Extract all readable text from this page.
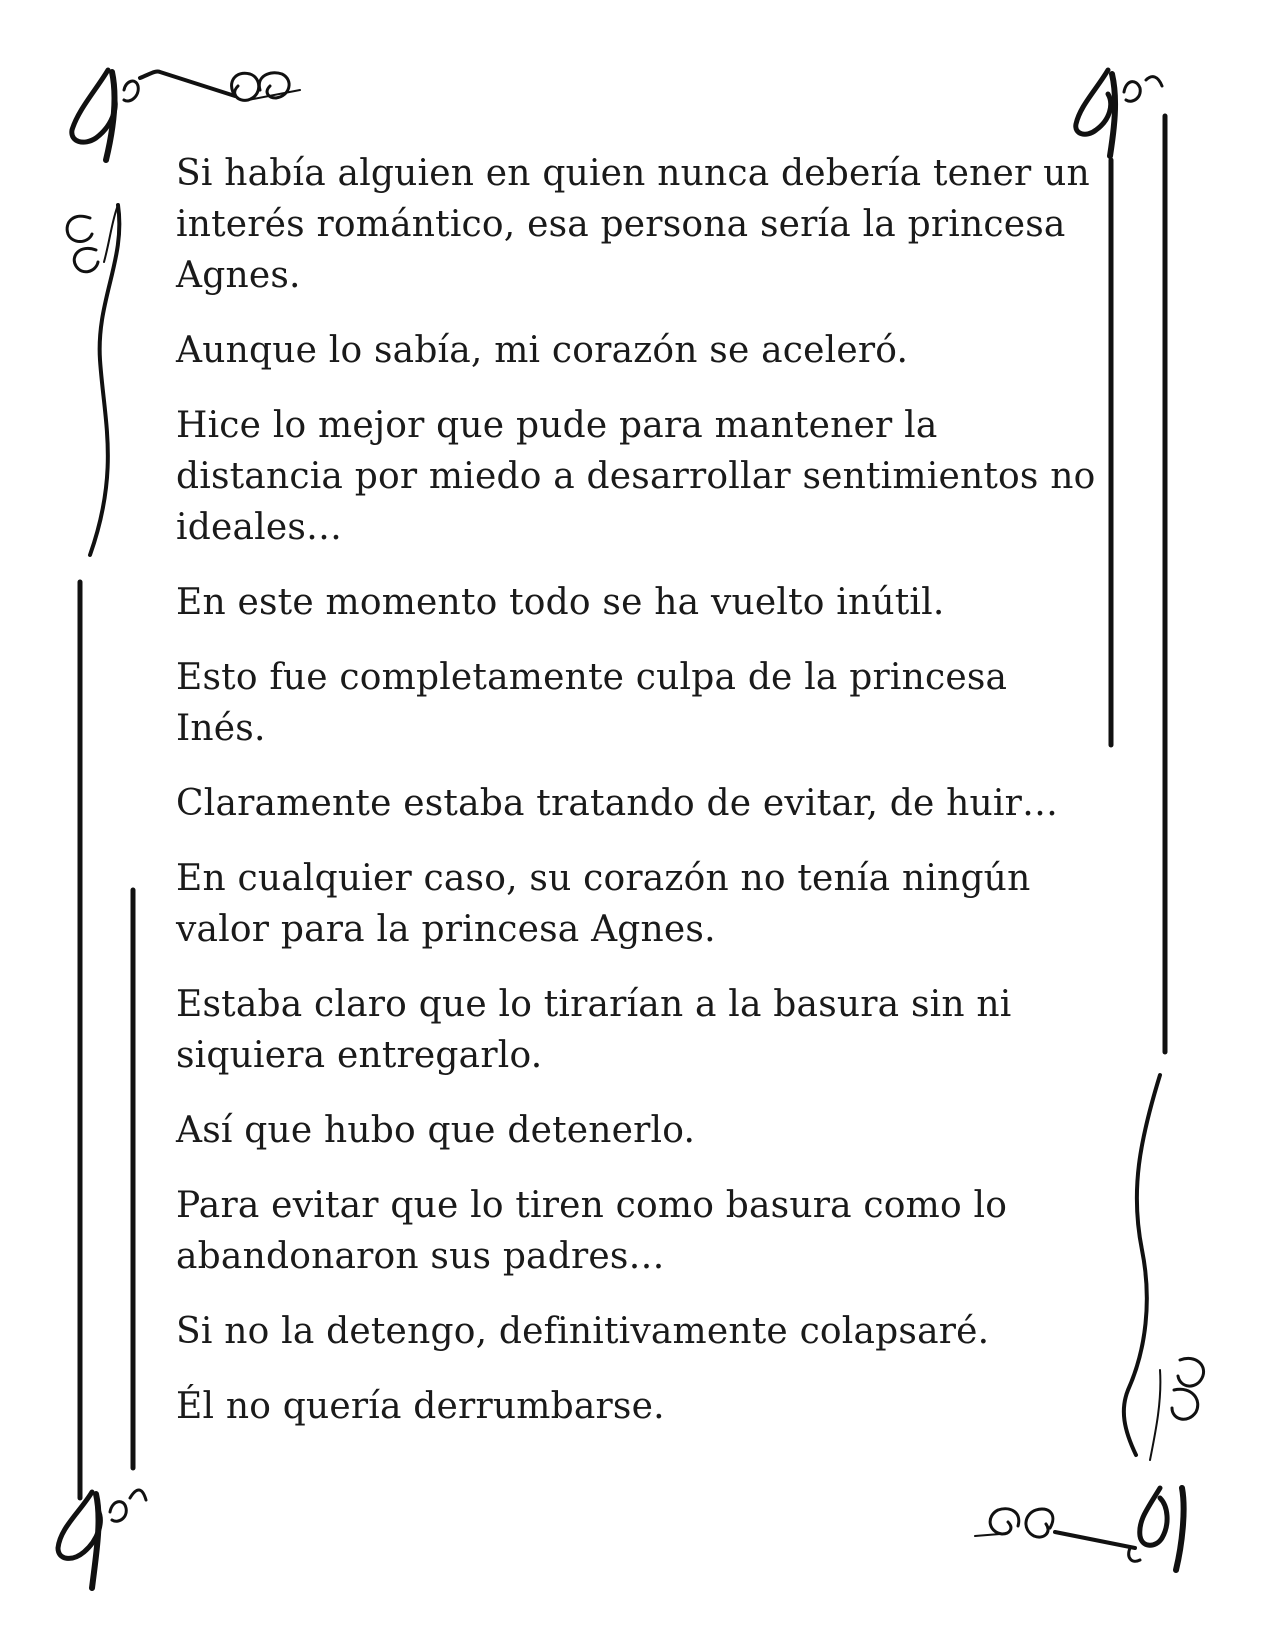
Si había alguien en quien nunca debería tener un interés romántico, esa persona sería la princesa Agnes.

Aunque lo sabía, mi corazón se aceleró.

Hice lo mejor que pude para mantener la distancia por miedo a desarrollar sentimientos no ideales…

En este momento todo se ha vuelto inútil.

Esto fue completamente culpa de la princesa Inés.

Claramente estaba tratando de evitar, de huir…

En cualquier caso, su corazón no tenía ningún valor para la princesa Agnes.

Estaba claro que lo tirarían a la basura sin ni siquiera entregarlo.

Así que hubo que detenerlo.

Para evitar que lo tiren como basura como lo abandonaron sus padres…

Si no la detengo, definitivamente colapsaré.

Él no quería derrumbarse.
